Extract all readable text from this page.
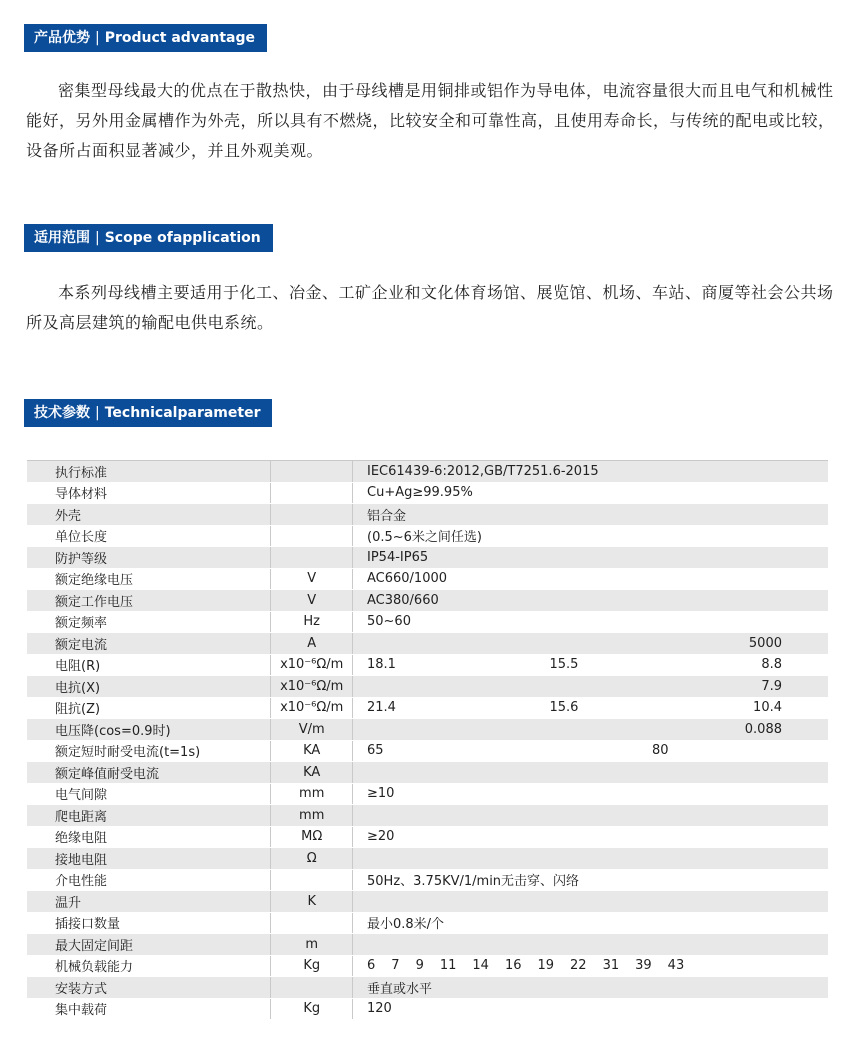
产品优势 | Product advantage
密集型母线最大的优点在于散热快，由于母线槽是用铜排或铝作为导电体，电流容量很大而且电气和机械性能好，另外用金属槽作为外壳，所以具有不燃烧，比较安全和可靠性高，且使用寿命长，与传统的配电或比较，设备所占面积显著减少，并且外观美观。
适用范围 | Scope ofapplication
本系列母线槽主要适用于化工、冶金、工矿企业和文化体育场馆、展览馆、机场、车站、商厦等社会公共场所及高层建筑的输配电供电系统。
技术参数 | Technicalparameter
执行标准		IEC61439-6:2012,GB/T7251.6-2015
导体材料		Cu+Ag≥99.95%
外壳		铝合金
单位长度		(0.5~6米之间任选)
防护等级		IP54-IP65
额定绝缘电压	V	AC660/1000
额定工作电压	V	AC380/660
额定频率	Hz	50~60
额定电流	A	5000
电阻(R)	x10⁻⁶Ω/m	18.1 15.5 8.8

电抗(X)	x10⁻⁶Ω/m	7.9
阻抗(Z)	x10⁻⁶Ω/m	21.4 15.6 10.4

电压降(cos=0.9时)	V/m	0.088
额定短时耐受电流(t=1s)	KA	65 80

额定峰值耐受电流	KA	
电气间隙	mm	≥10
爬电距离	mm	
绝缘电阻	MΩ	≥20
接地电阻	Ω	
介电性能		50Hz、3.75KV/1/min无击穿、闪络
温升	K	
插接口数量		最小0.8米/个
最大固定间距	m	
机械负载能力	Kg	6 7 9 11 14 16 19 22 31 39 43
安装方式		垂直或水平
集中载荷	Kg	120
